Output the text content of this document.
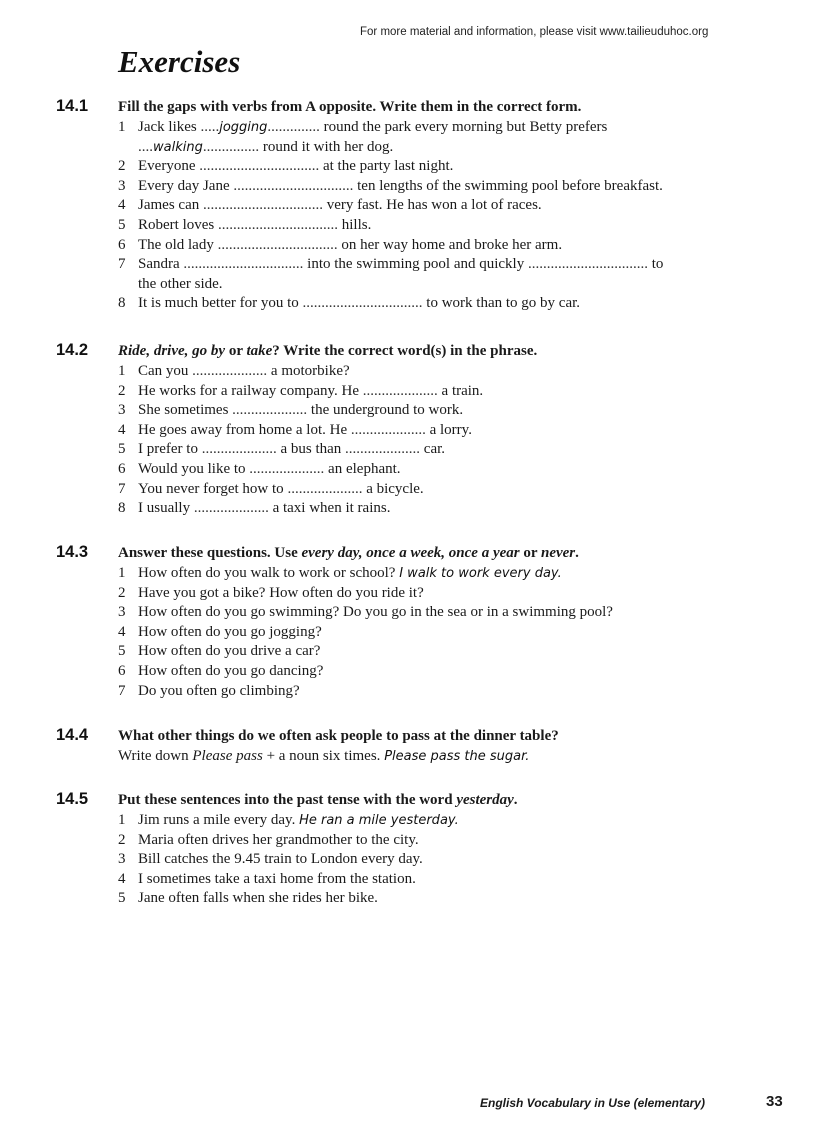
For more material and information, please visit www.tailieuduhoc.org
Exercises
14.1 Fill the gaps with verbs from A opposite. Write them in the correct form.
1 Jack likes .....jogging.............. round the park every morning but Betty prefers
....walking............... round it with her dog.
2 Everyone ................................ at the party last night.
3 Every day Jane ................................ ten lengths of the swimming pool before breakfast.
4 James can ................................ very fast. He has won a lot of races.
5 Robert loves ................................ hills.
6 The old lady ................................ on her way home and broke her arm.
7 Sandra ................................ into the swimming pool and quickly ................................ to
the other side.
8 It is much better for you to ................................ to work than to go by car.
14.2 Ride, drive, go by or take? Write the correct word(s) in the phrase.
1 Can you .................... a motorbike?
2 He works for a railway company. He .................... a train.
3 She sometimes .................... the underground to work.
4 He goes away from home a lot. He .................... a lorry.
5 I prefer to .................... a bus than .................... car.
6 Would you like to .................... an elephant.
7 You never forget how to .................... a bicycle.
8 I usually .................... a taxi when it rains.
14.3 Answer these questions. Use every day, once a week, once a year or never.
1 How often do you walk to work or school? I walk to work every day.
2 Have you got a bike? How often do you ride it?
3 How often do you go swimming? Do you go in the sea or in a swimming pool?
4 How often do you go jogging?
5 How often do you drive a car?
6 How often do you go dancing?
7 Do you often go climbing?
14.4 What other things do we often ask people to pass at the dinner table?
Write down Please pass + a noun six times. Please pass the sugar.
14.5 Put these sentences into the past tense with the word yesterday.
1 Jim runs a mile every day. He ran a mile yesterday.
2 Maria often drives her grandmother to the city.
3 Bill catches the 9.45 train to London every day.
4 I sometimes take a taxi home from the station.
5 Jane often falls when she rides her bike.
English Vocabulary in Use (elementary)	33
